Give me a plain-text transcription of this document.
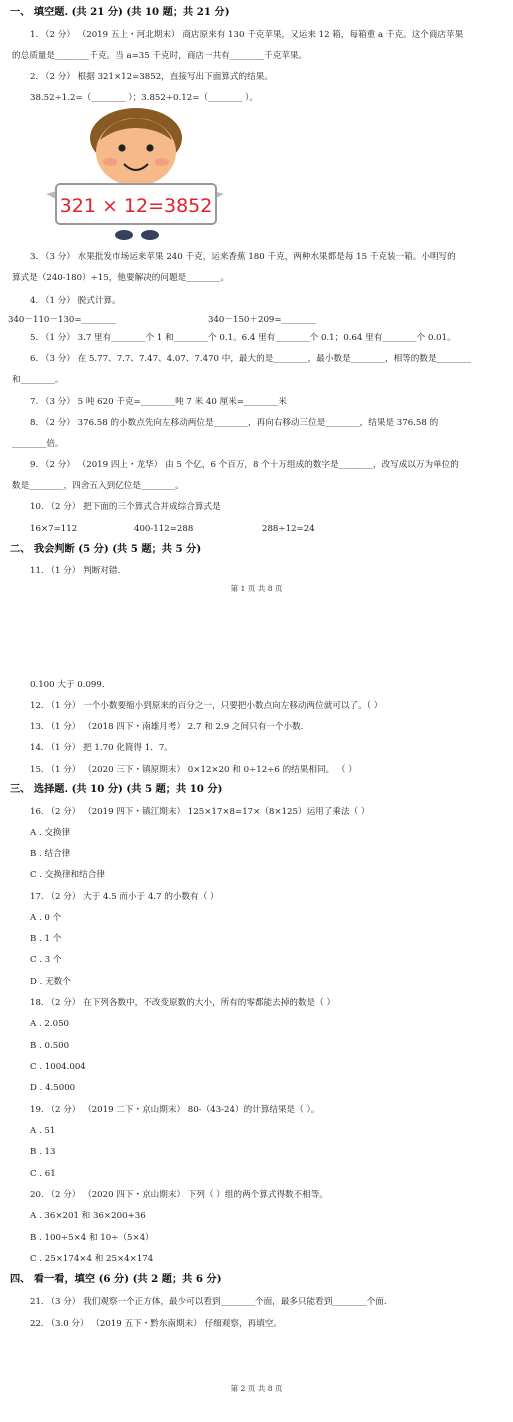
一、 填空题. (共 21 分) (共 10 题；共 21 分)
1. （2 分） （2019 五上・河北期末） 商店原来有 130 千克苹果，又运来 12 箱，每箱重 a 千克。这个商店苹果
的总质量是________千克。当 a=35 千克时，商店一共有________千克苹果。
2. （2 分） 根据 321×12=3852，直接写出下面算式的结果。
38.52÷1.2=（________ ）；3.852÷0.12=（________ ）。
321 × 12=3852
3. （3 分） 水果批发市场运来苹果 240 千克，运来香蕉 180 千克，两种水果都是每 15 千克装一箱。小明写的
算式是（240-180）÷15，他要解决的问题是________。
4. （1 分） 脱式计算。
340－110－130=________	340－150＋209=________
5. （1 分） 3.7 里有________个 1 和________个 0.1。6.4 里有________个 0.1；0.64 里有________个 0.01。
6. （3 分） 在 5.77、7.7、7.47、4.07、7.470 中，最大的是________，最小数是________，相等的数是________
和________。
7. （3 分） 5 吨 620 千克=________吨 7 米 40 厘米=________米
8. （2 分） 376.58 的小数点先向左移动两位是________，再向右移动三位是________，结果是 376.58 的
________倍。
9. （2 分） （2019 四上・龙华） 由 5 个亿，6 个百万，8 个十万组成的数字是________，改写成以万为单位的
数是________，四舍五入到亿位是________。
10. （2 分） 把下面的三个算式合并成综合算式是
16×7=112	400-112=288	288÷12=24
二、 我会判断 (5 分) (共 5 题；共 5 分)
11. （1 分） 判断对错.
第 1 页 共 8 页
0.100 大于 0.099.
12. （1 分） 一个小数要缩小到原来的百分之一，只要把小数点向左移动两位就可以了。（ ）
13. （1 分） （2018 四下・南雄月考） 2.7 和 2.9 之间只有一个小数.
14. （1 分） 把 1.70 化简得 1．7。
15. （1 分） （2020 三下・镇原期末） 0×12×20 和 0÷12÷6 的结果相同。 （ ）
三、 选择题. (共 10 分) (共 5 题；共 10 分)
16. （2 分） （2019 四下・镇江期末） 125×17×8=17×（8×125）运用了乘法（ ）
A . 交换律
B . 结合律
C . 交换律和结合律
17. （2 分） 大于 4.5 而小于 4.7 的小数有（ ）
A . 0 个
B . 1 个
C . 3 个
D . 无数个
18. （2 分） 在下列各数中，不改变原数的大小，所有的零都能去掉的数是（ ）
A . 2.050
B . 0.500
C . 1004.004
D . 4.5000
19. （2 分） （2019 二下・京山期末） 80-（43-24）的计算结果是（ ）。
A . 51
B . 13
C . 61
20. （2 分） （2020 四下・京山期末） 下列（ ）组的两个算式得数不相等。
A . 36×201 和 36×200+36
B . 100÷5×4 和 10÷（5×4）
C . 25×174×4 和 25×4×174
四、 看一看，填空 (6 分) (共 2 题；共 6 分)
21. （3 分） 我们观察一个正方体，最少可以看到________个面，最多只能看到________个面.
22. （3.0 分） （2019 五下・黔东南期末） 仔细观察，再填空。
第 2 页 共 8 页
